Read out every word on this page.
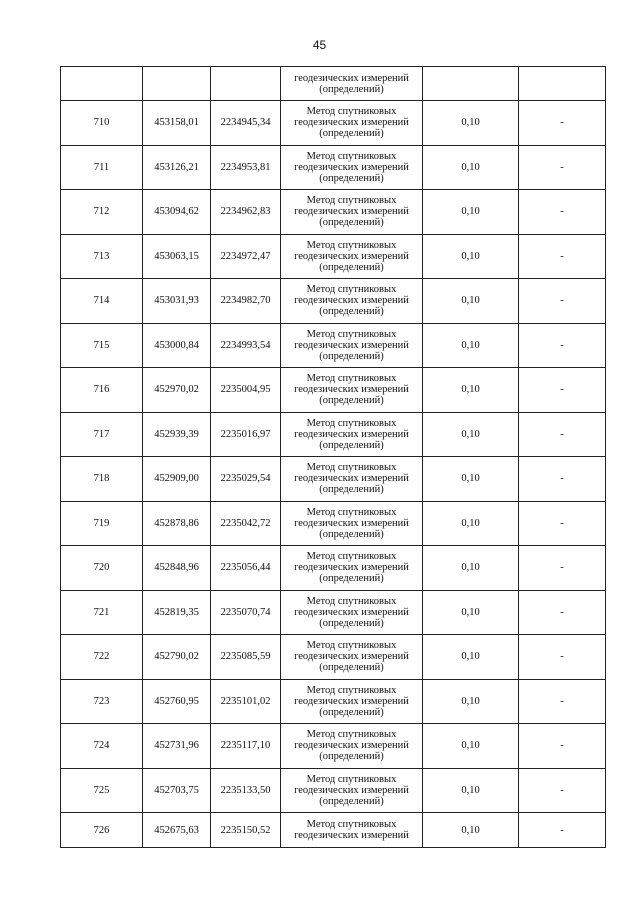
45

			геодезических измерений
(определений)		

710	453158,01	2234945,34	Метод спутниковых
геодезических измерений
(определений)	0,10	-
711	453126,21	2234953,81	Метод спутниковых
геодезических измерений
(определений)	0,10	-
712	453094,62	2234962,83	Метод спутниковых
геодезических измерений
(определений)	0,10	-
713	453063,15	2234972,47	Метод спутниковых
геодезических измерений
(определений)	0,10	-
714	453031,93	2234982,70	Метод спутниковых
геодезических измерений
(определений)	0,10	-
715	453000,84	2234993,54	Метод спутниковых
геодезических измерений
(определений)	0,10	-
716	452970,02	2235004,95	Метод спутниковых
геодезических измерений
(определений)	0,10	-
717	452939,39	2235016,97	Метод спутниковых
геодезических измерений
(определений)	0,10	-
718	452909,00	2235029,54	Метод спутниковых
геодезических измерений
(определений)	0,10	-
719	452878,86	2235042,72	Метод спутниковых
геодезических измерений
(определений)	0,10	-
720	452848,96	2235056,44	Метод спутниковых
геодезических измерений
(определений)	0,10	-
721	452819,35	2235070,74	Метод спутниковых
геодезических измерений
(определений)	0,10	-
722	452790,02	2235085,59	Метод спутниковых
геодезических измерений
(определений)	0,10	-
723	452760,95	2235101,02	Метод спутниковых
геодезических измерений
(определений)	0,10	-
724	452731,96	2235117,10	Метод спутниковых
геодезических измерений
(определений)	0,10	-
725	452703,75	2235133,50	Метод спутниковых
геодезических измерений
(определений)	0,10	-
726	452675,63	2235150,52	Метод спутниковых
геодезических измерений	0,10	-
